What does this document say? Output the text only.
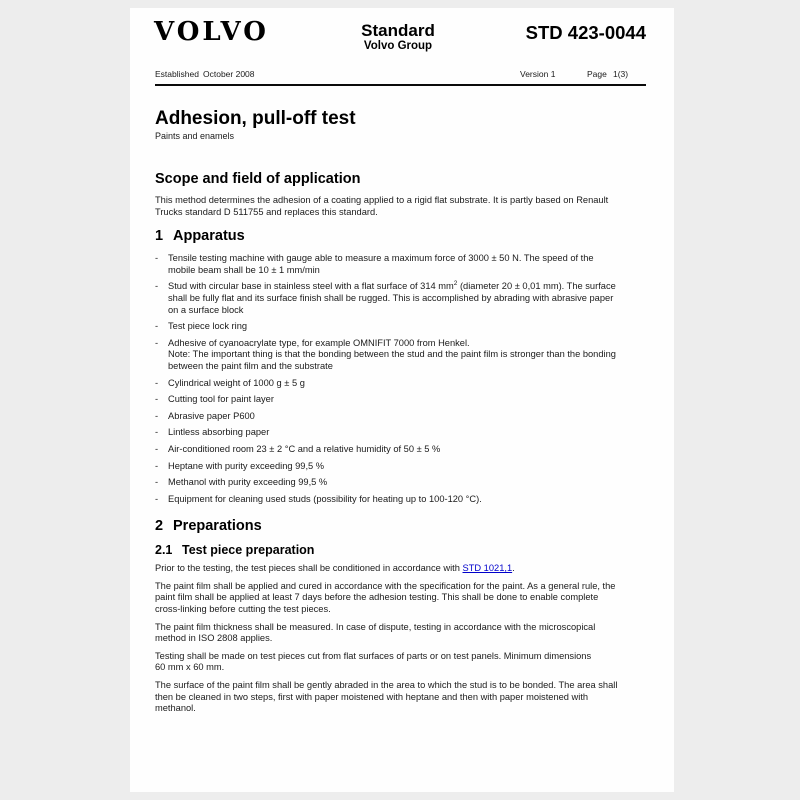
VOLVO	Standard
Volvo Group
STD 423-0044
Established October 2008	Version 1	Page 1(3)
Adhesion, pull-off test
Paints and enamels
Scope and field of application
This method determines the adhesion of a coating applied to a rigid flat substrate. It is partly based on Renault
Trucks standard D 511755 and replaces this standard.
1 Apparatus
- Tensile testing machine with gauge able to measure a maximum force of 3000 ± 50 N. The speed of the
mobile beam shall be 10 ± 1 mm/min
- Stud with circular base in stainless steel with a flat surface of 314 $mm^2$ (diameter 20 ± 0,01 mm). The surface
shall be fully flat and its surface finish shall be rugged. This is accomplished by abrading with abrasive paper
on a surface block
- Test piece lock ring
- Adhesive of cyanoacrylate type, for example OMNIFIT 7000 from Henkel.
Note: The important thing is that the bonding between the stud and the paint film is stronger than the bonding
between the paint film and the substrate
- Cylindrical weight of 1000 g ± 5 g
- Cutting tool for paint layer
- Abrasive paper P600
- Lintless absorbing paper
- Air-conditioned room 23 ± 2 °C and a relative humidity of 50 ± 5 %
- Heptane with purity exceeding 99,5 %
- Methanol with purity exceeding 99,5 %
- Equipment for cleaning used studs (possibility for heating up to 100-120 °C).
2 Preparations
2.1 Test piece preparation
Prior to the testing, the test pieces shall be conditioned in accordance with STD 1021,1.
The paint film shall be applied and cured in accordance with the specification for the paint. As a general rule, the
paint film shall be applied at least 7 days before the adhesion testing. This shall be done to enable complete
cross-linking before cutting the test pieces.
The paint film thickness shall be measured. In case of dispute, testing in accordance with the microscopical
method in ISO 2808 applies.
Testing shall be made on test pieces cut from flat surfaces of parts or on test panels. Minimum dimensions
60 mm x 60 mm.
The surface of the paint film shall be gently abraded in the area to which the stud is to be bonded. The area shall
then be cleaned in two steps, first with paper moistened with heptane and then with paper moistened with
methanol.
